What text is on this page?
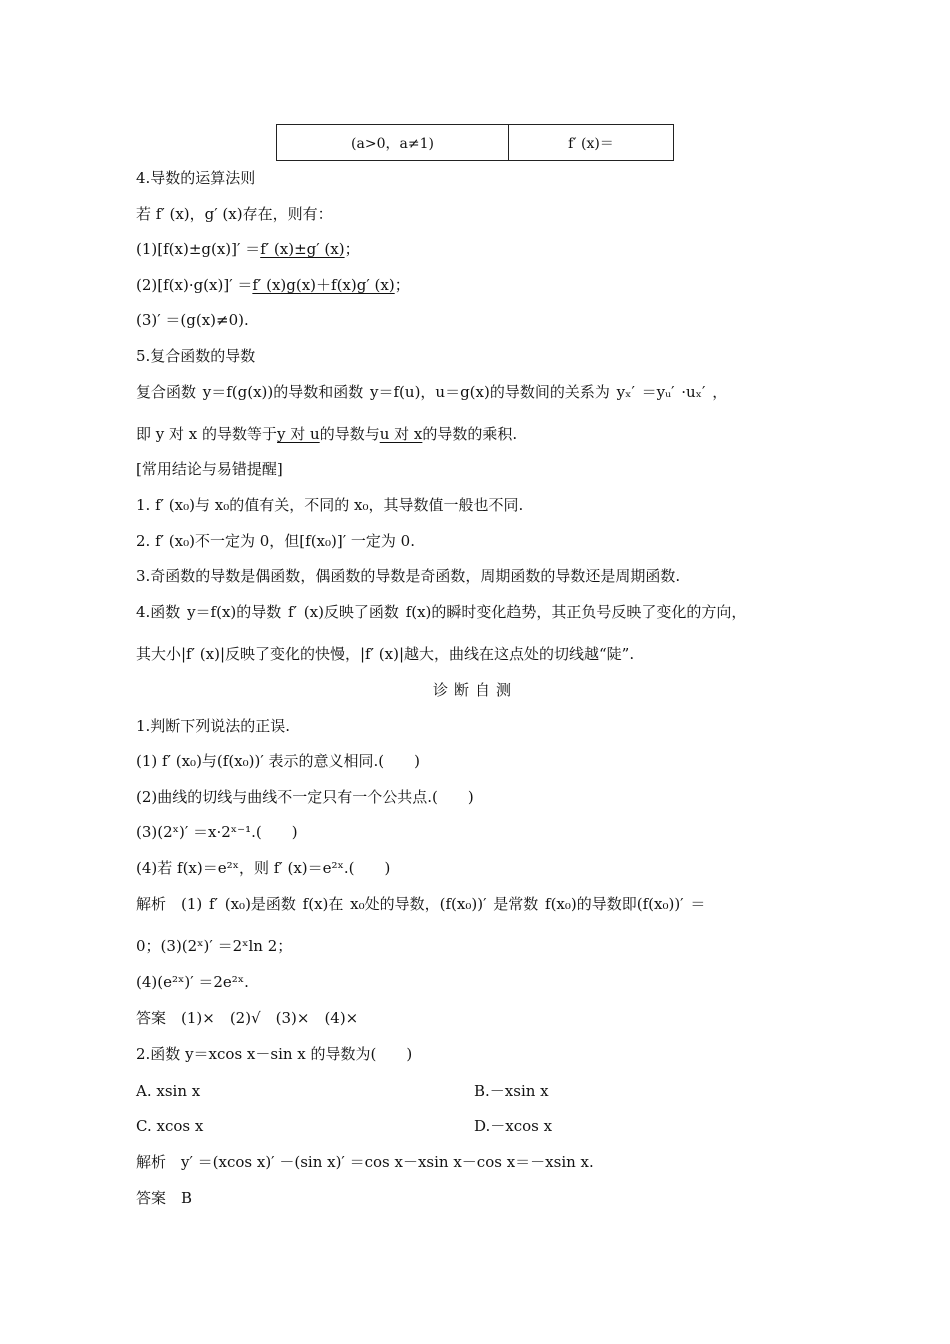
(a>0，a≠1)	f′ (x)＝
4.导数的运算法则
若 f′ (x)，g′ (x)存在，则有：
(1)[f(x)±g(x)]′ ＝f′ (x)±g′ (x)；
(2)[f(x)·g(x)]′ ＝f′ (x)g(x)＋f(x)g′ (x)；
(3)′ ＝(g(x)≠0).
5.复合函数的导数
复合函数 y＝f(g(x))的导数和函数 y＝f(u)，u＝g(x)的导数间的关系为 yₓ′ ＝yᵤ′ ·uₓ′ ，
即 y 对 x 的导数等于y 对 u的导数与u 对 x的导数的乘积.
[常用结论与易错提醒]
1. f′ (x₀)与 x₀的值有关，不同的 x₀，其导数值一般也不同.
2. f′ (x₀)不一定为 0，但[f(x₀)]′ 一定为 0.
3.奇函数的导数是偶函数，偶函数的导数是奇函数，周期函数的导数还是周期函数.
4.函数 y＝f(x)的导数 f′ (x)反映了函数 f(x)的瞬时变化趋势，其正负号反映了变化的方向，
其大小|f′ (x)|反映了变化的快慢，|f′ (x)|越大，曲线在这点处的切线越“陡”.
诊断自测
1.判断下列说法的正误.
(1) f′ (x₀)与(f(x₀))′ 表示的意义相同.(　　)
(2)曲线的切线与曲线不一定只有一个公共点.(　　)
(3)(2ˣ)′ ＝x·2ˣ⁻¹.(　　)
(4)若 f(x)＝e²ˣ，则 f′ (x)＝e²ˣ.(　　)
解析　(1) f′ (x₀)是函数 f(x)在 x₀处的导数，(f(x₀))′ 是常数 f(x₀)的导数即(f(x₀))′ ＝
0；(3)(2ˣ)′ ＝2ˣln 2；
(4)(e²ˣ)′ ＝2e²ˣ.
答案　(1)×　(2)√　(3)×　(4)×
2.函数 y＝xcos x－sin x 的导数为(　　)
A. xsin x	B.－xsin x
C. xcos x	D.－xcos x
解析　y′ ＝(xcos x)′ －(sin x)′ ＝cos x－xsin x－cos x＝－xsin x.
答案　B
